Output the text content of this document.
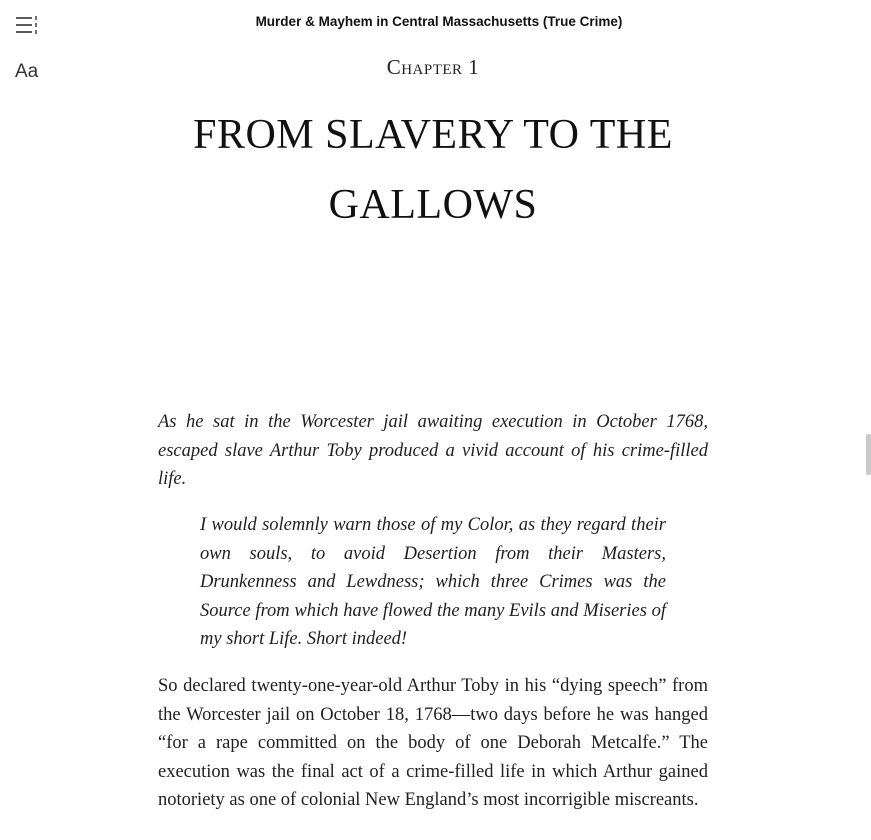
Aa
Murder & Mayhem in Central Massachusetts (True Crime)
Chapter 1
FROM SLAVERY TO THE
GALLOWS
As he sat in the Worcester jail awaiting execution in October 1768, escaped slave Arthur Toby produced a vivid account of his crime-filled life.
I would solemnly warn those of my Color, as they regard their own souls, to avoid Desertion from their Masters, Drunkenness and Lewdness; which three Crimes was the Source from which have flowed the many Evils and Miseries of my short Life. Short indeed!
So declared twenty-one-year-old Arthur Toby in his “dying speech” from the Worcester jail on October 18, 1768—two days before he was hanged “for a rape committed on the body of one Deborah Metcalfe.” The execution was the final act of a crime-filled life in which Arthur gained notoriety as one of colonial New England’s most incorrigible miscreants.
